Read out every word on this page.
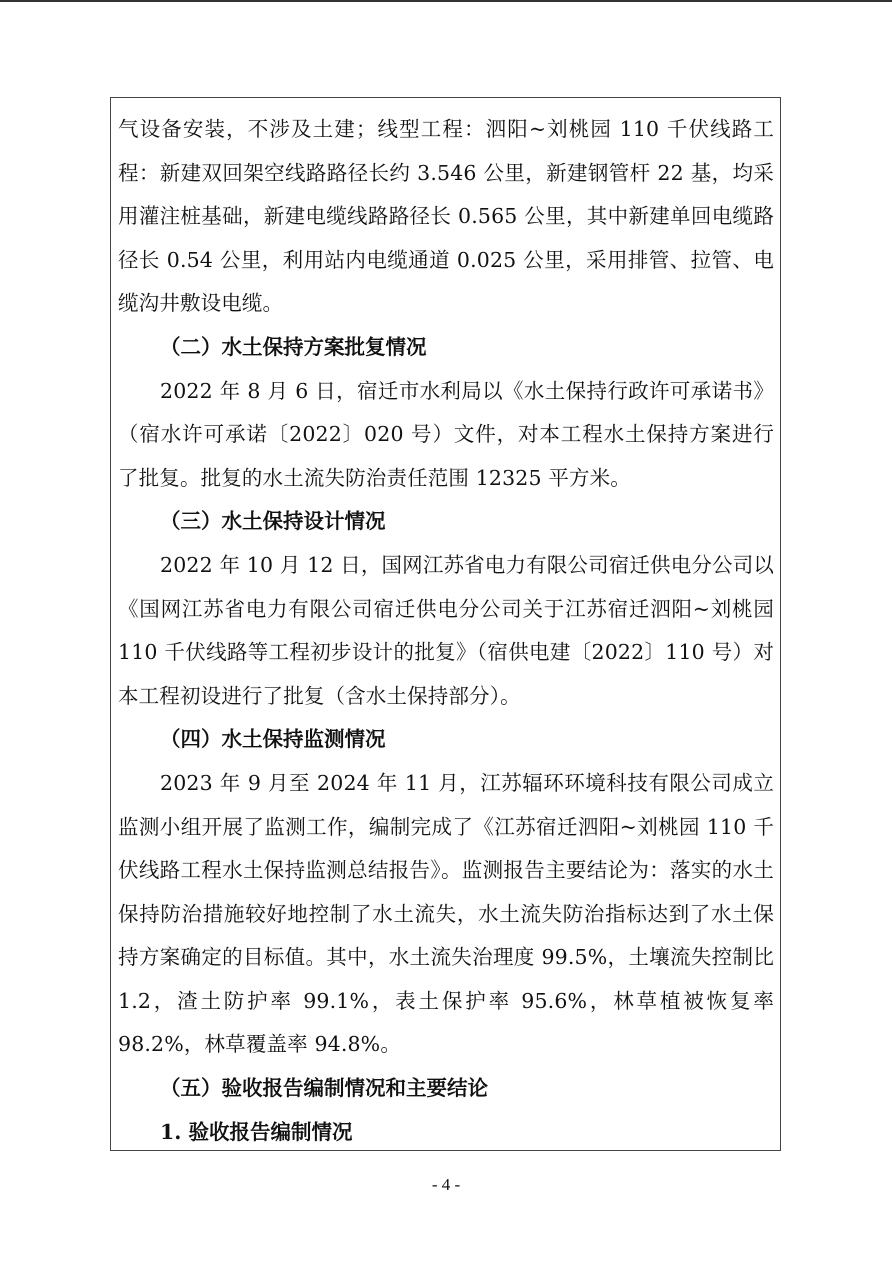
气设备安装，不涉及土建；线型工程：泗阳~刘桃园 110 千伏线路工程：新建双回架空线路路径长约 3.546 公里，新建钢管杆 22 基，均采用灌注桩基础，新建电缆线路路径长 0.565 公里，其中新建单回电缆路径长 0.54 公里，利用站内电缆通道 0.025 公里，采用排管、拉管、电缆沟井敷设电缆。

（二）水土保持方案批复情况

2022 年 8 月 6 日，宿迁市水利局以《水土保持行政许可承诺书》（宿水许可承诺〔2022〕020 号）文件，对本工程水土保持方案进行了批复。批复的水土流失防治责任范围 12325 平方米。

（三）水土保持设计情况

2022 年 10 月 12 日，国网江苏省电力有限公司宿迁供电分公司以《国网江苏省电力有限公司宿迁供电分公司关于江苏宿迁泗阳~刘桃园 110 千伏线路等工程初步设计的批复》（宿供电建〔2022〕110 号）对本工程初设进行了批复（含水土保持部分）。

（四）水土保持监测情况

2023 年 9 月至 2024 年 11 月，江苏辐环环境科技有限公司成立监测小组开展了监测工作，编制完成了《江苏宿迁泗阳~刘桃园 110 千伏线路工程水土保持监测总结报告》。监测报告主要结论为：落实的水土保持防治措施较好地控制了水土流失，水土流失防治指标达到了水土保持方案确定的目标值。其中，水土流失治理度 99.5%，土壤流失控制比 1.2，渣土防护率 99.1%，表土保护率 95.6%，林草植被恢复率 98.2%，林草覆盖率 94.8%。

（五）验收报告编制情况和主要结论

1. 验收报告编制情况

- 4 -
